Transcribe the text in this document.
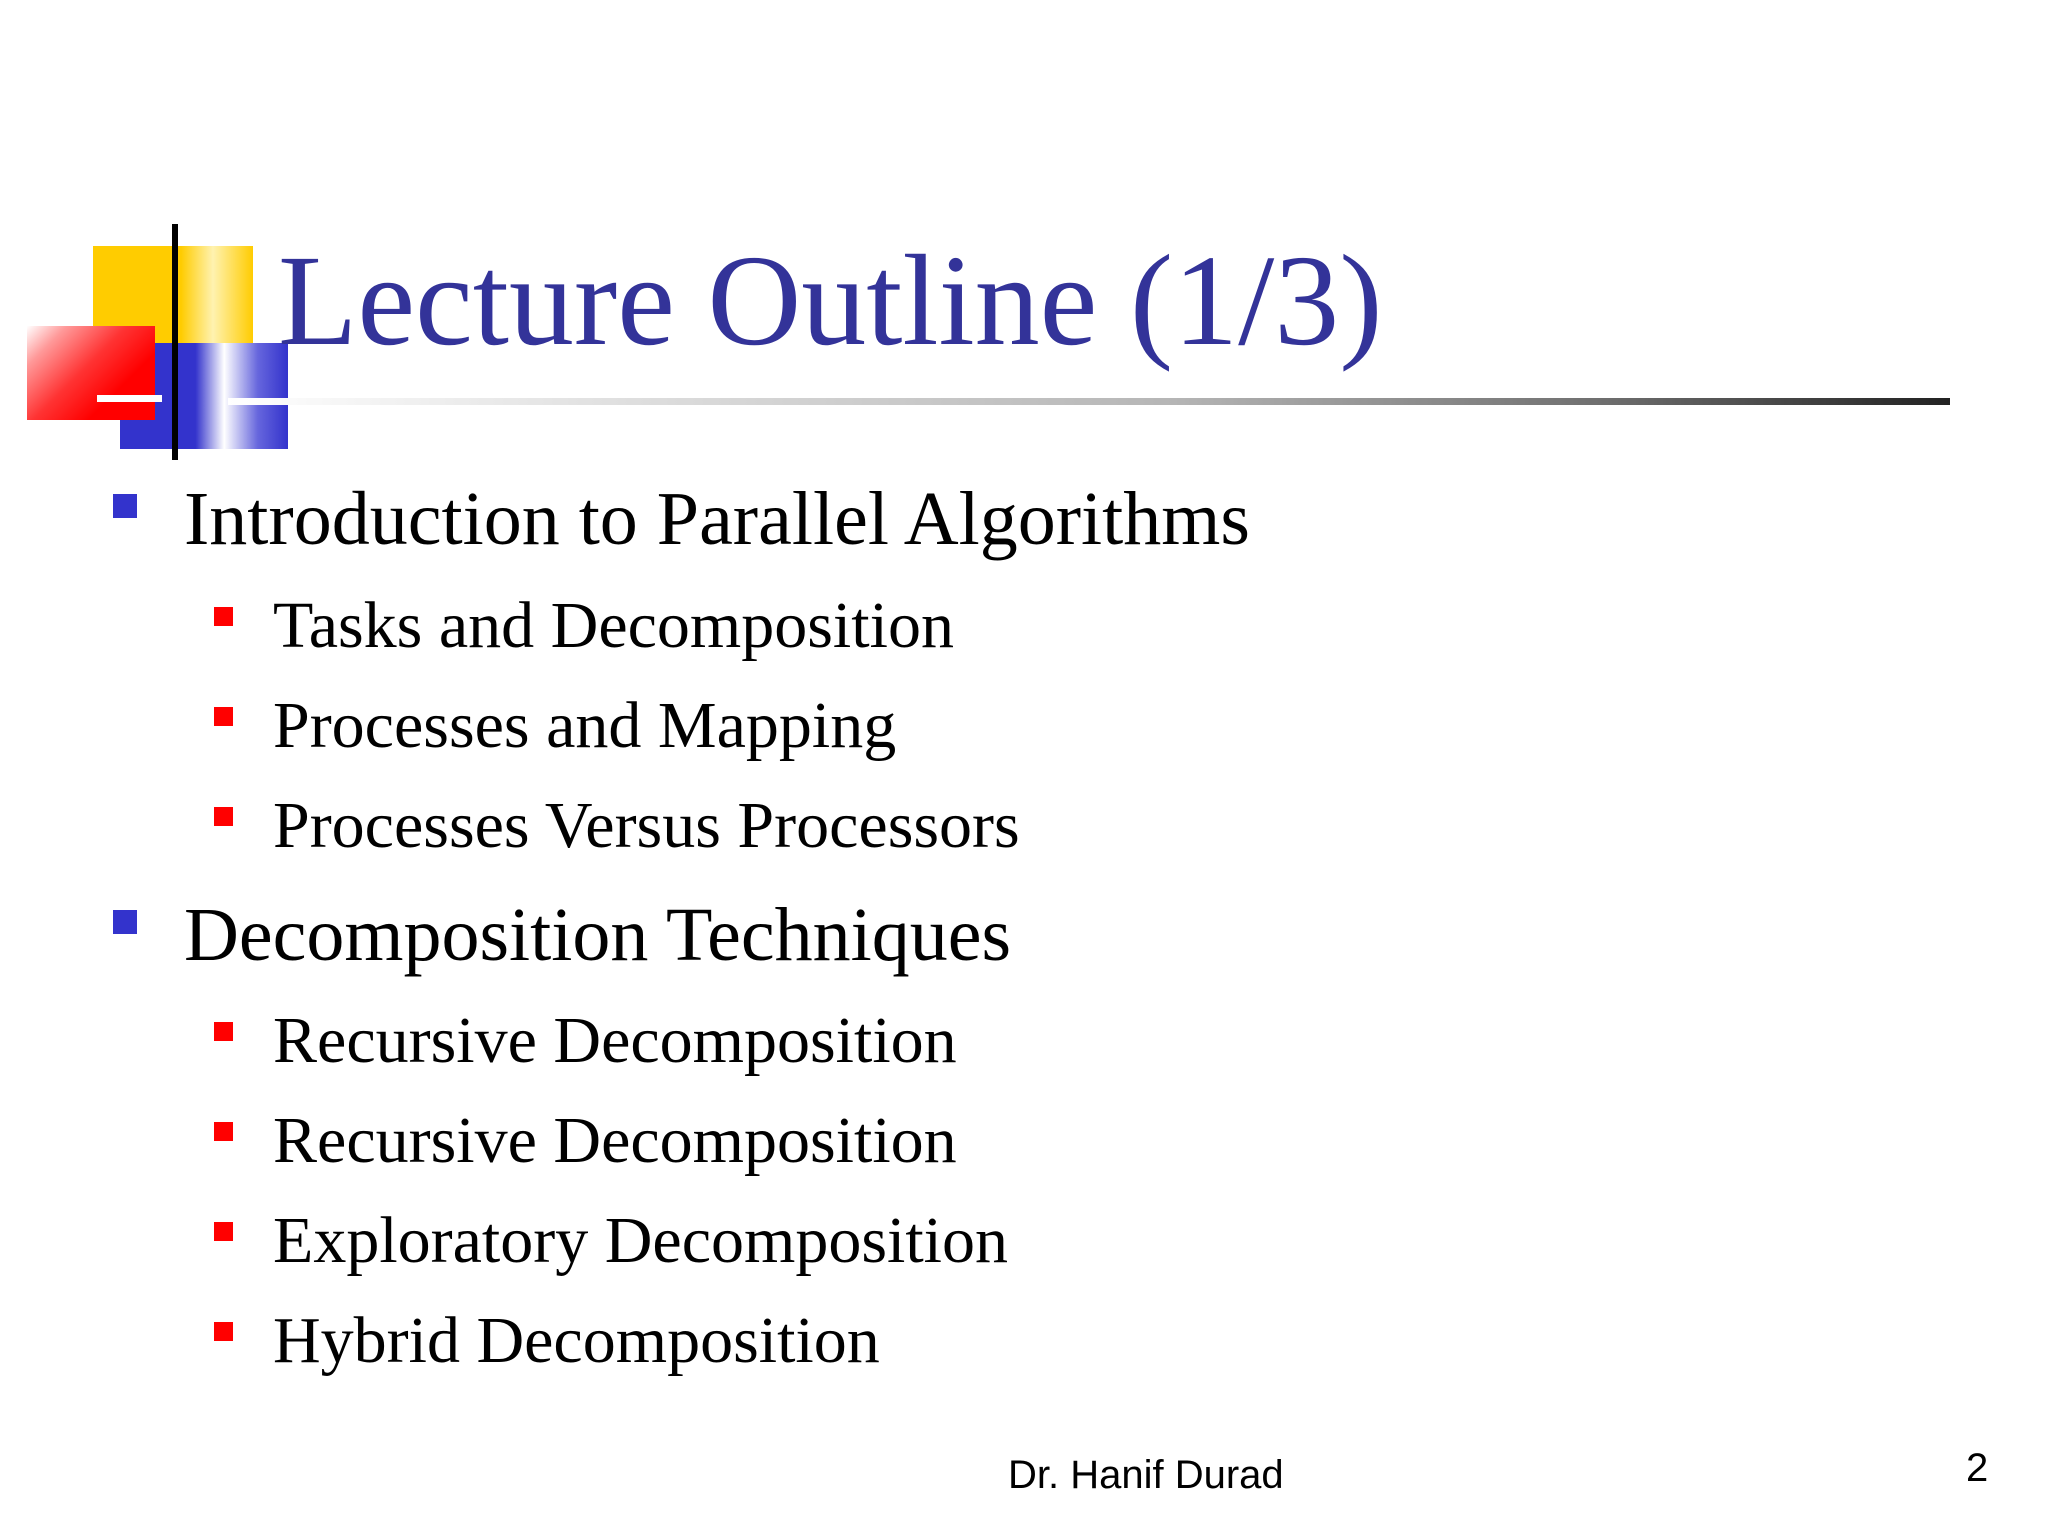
Lecture Outline (1/3)
Introduction to Parallel Algorithms
Tasks and Decomposition
Processes and Mapping
Processes Versus Processors
Decomposition Techniques
Recursive Decomposition
Recursive Decomposition
Exploratory Decomposition
Hybrid Decomposition
Dr. Hanif Durad	2
